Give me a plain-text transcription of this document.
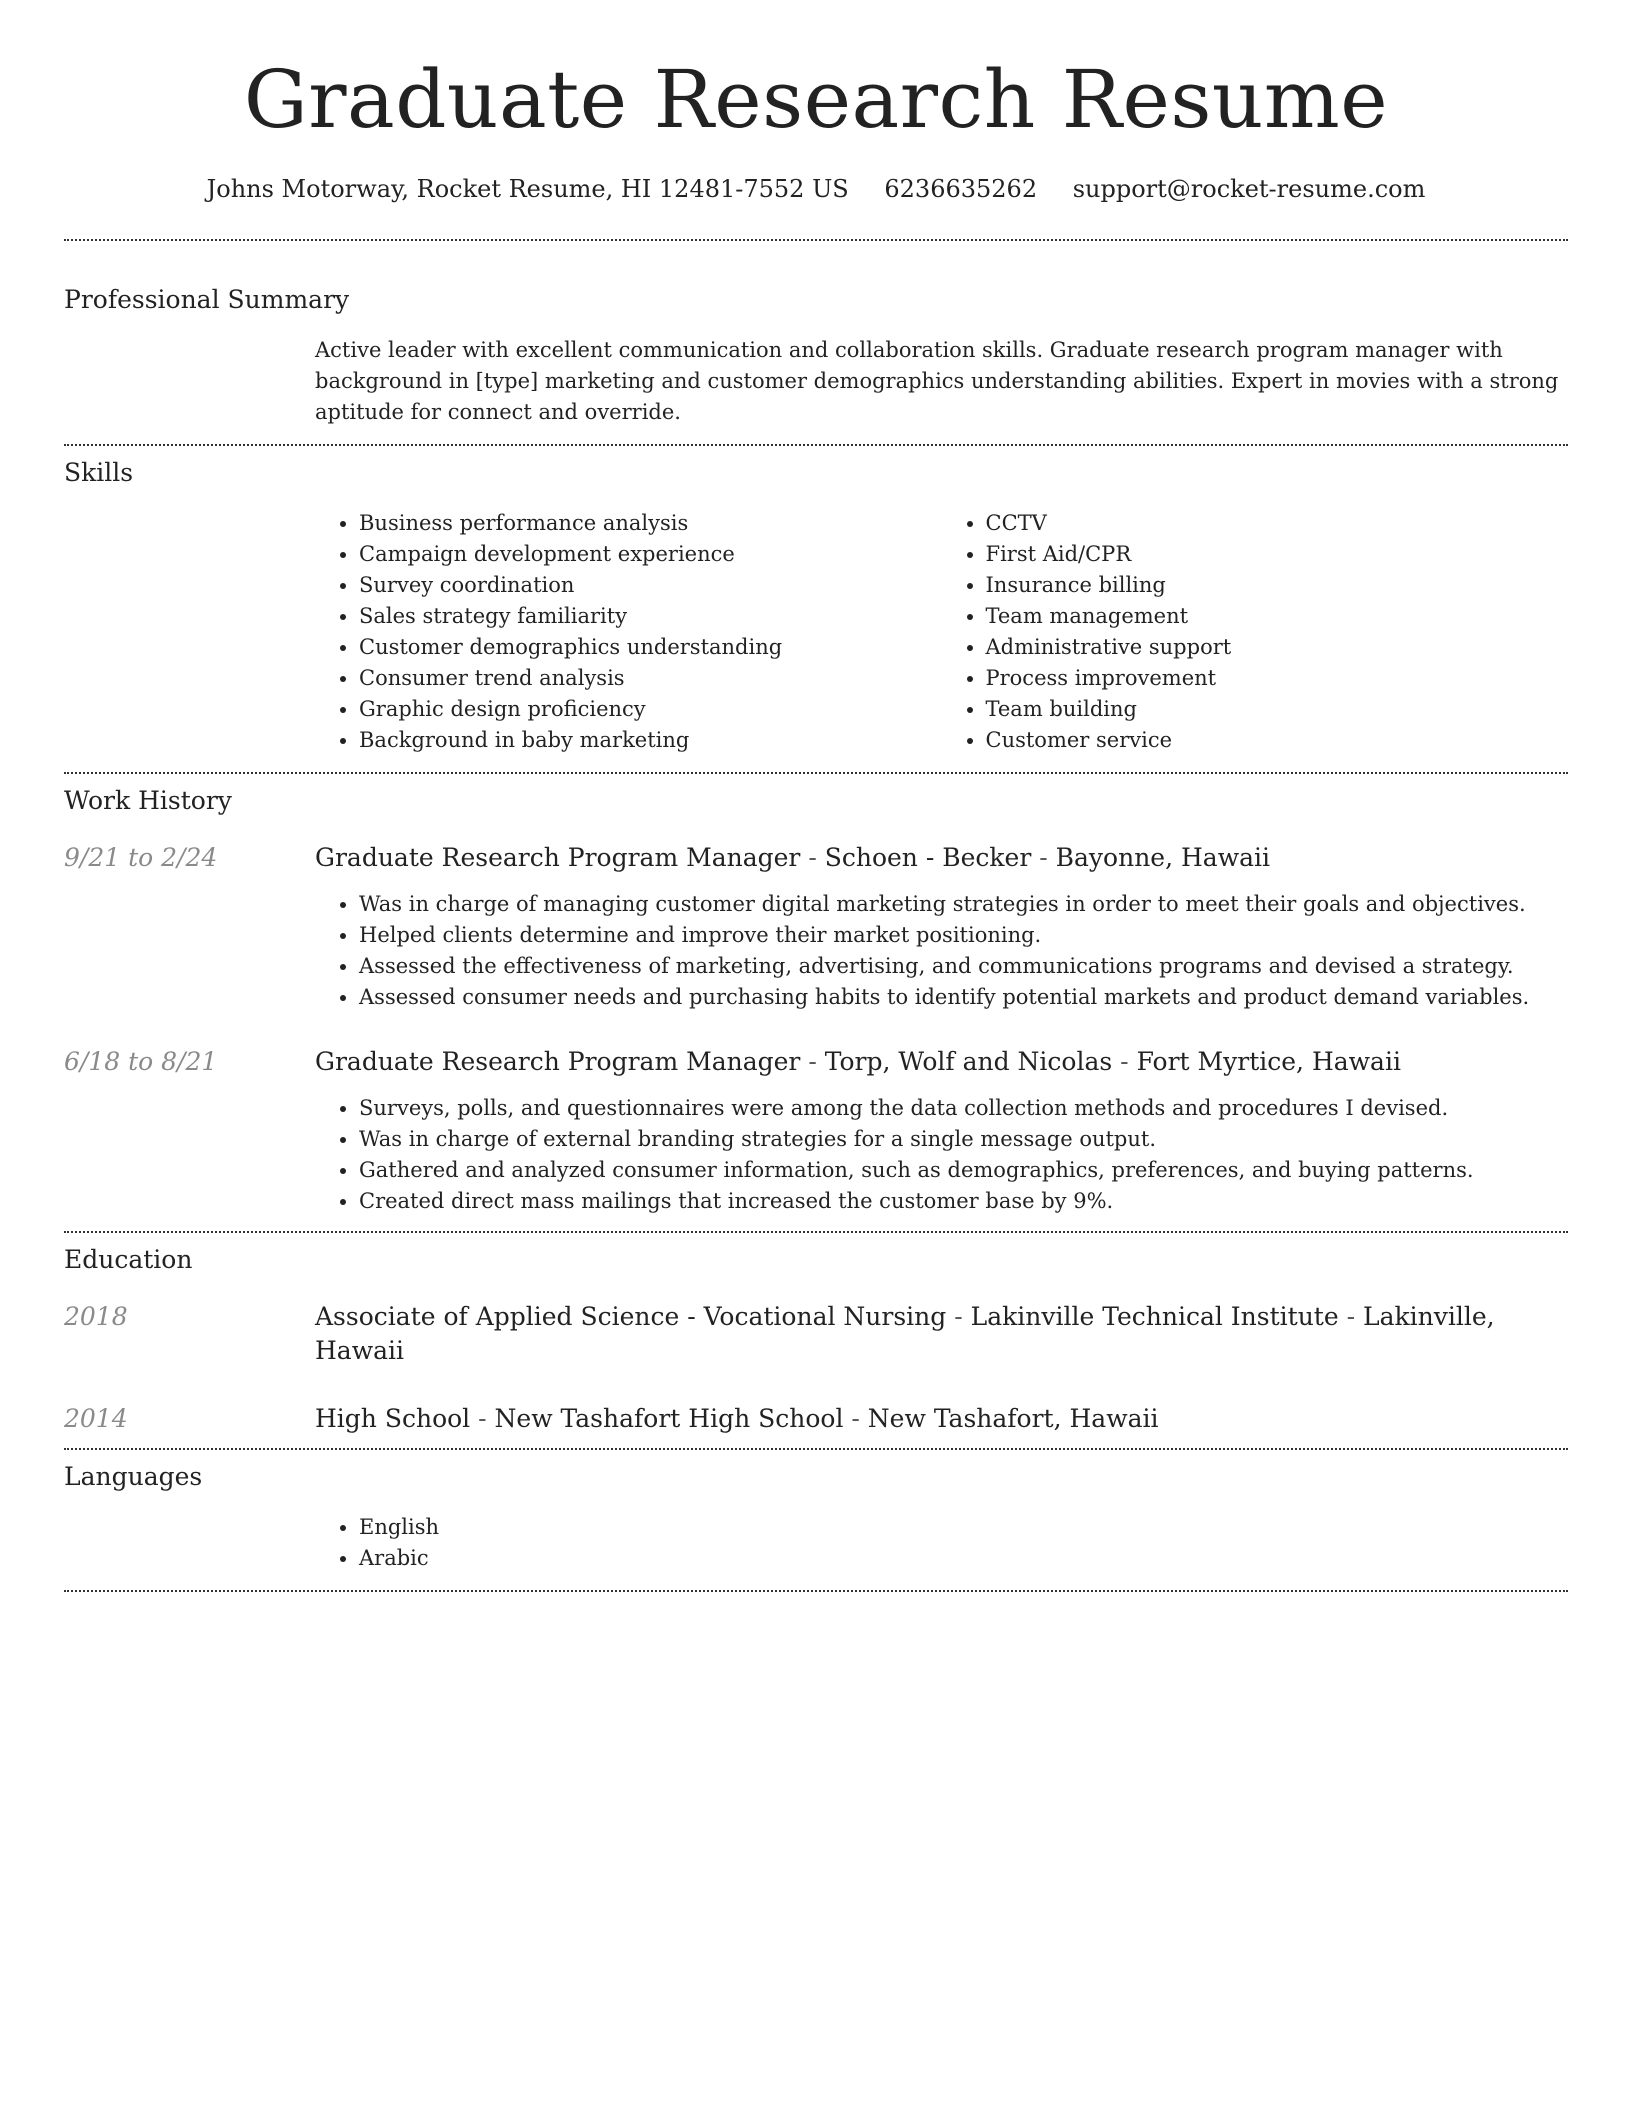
Graduate Research Resume
Johns Motorway, Rocket Resume, HI 12481-7552 US 6236635262 support@rocket-resume.com
Professional Summary

Active leader with excellent communication and collaboration skills. Graduate research program manager with background in [type] marketing and customer demographics understanding abilities. Expert in movies with a strong aptitude for connect and override.

Skills
• Business performance analysis
• Campaign development experience
• Survey coordination
• Sales strategy familiarity
• Customer demographics understanding
• Consumer trend analysis
• Graphic design proficiency
• Background in baby marketing
• CCTV
• First Aid/CPR
• Insurance billing
• Team management
• Administrative support
• Process improvement
• Team building
• Customer service
Work History
9/21 to 2/24	Graduate Research Program Manager - Schoen - Becker - Bayonne, Hawaii

• Was in charge of managing customer digital marketing strategies in order to meet their goals and objectives.
• Helped clients determine and improve their market positioning.
• Assessed the effectiveness of marketing, advertising, and communications programs and devised a strategy.
• Assessed consumer needs and purchasing habits to identify potential markets and product demand variables.
6/18 to 8/21	Graduate Research Program Manager - Torp, Wolf and Nicolas - Fort Myrtice, Hawaii

• Surveys, polls, and questionnaires were among the data collection methods and procedures I devised.
• Was in charge of external branding strategies for a single message output.
• Gathered and analyzed consumer information, such as demographics, preferences, and buying patterns.
• Created direct mass mailings that increased the customer base by 9%.
Education
2018	Associate of Applied Science - Vocational Nursing - Lakinville Technical Institute - Lakinville, Hawaii

2014	High School - New Tashafort High School - New Tashafort, Hawaii

Languages
• English
• Arabic
